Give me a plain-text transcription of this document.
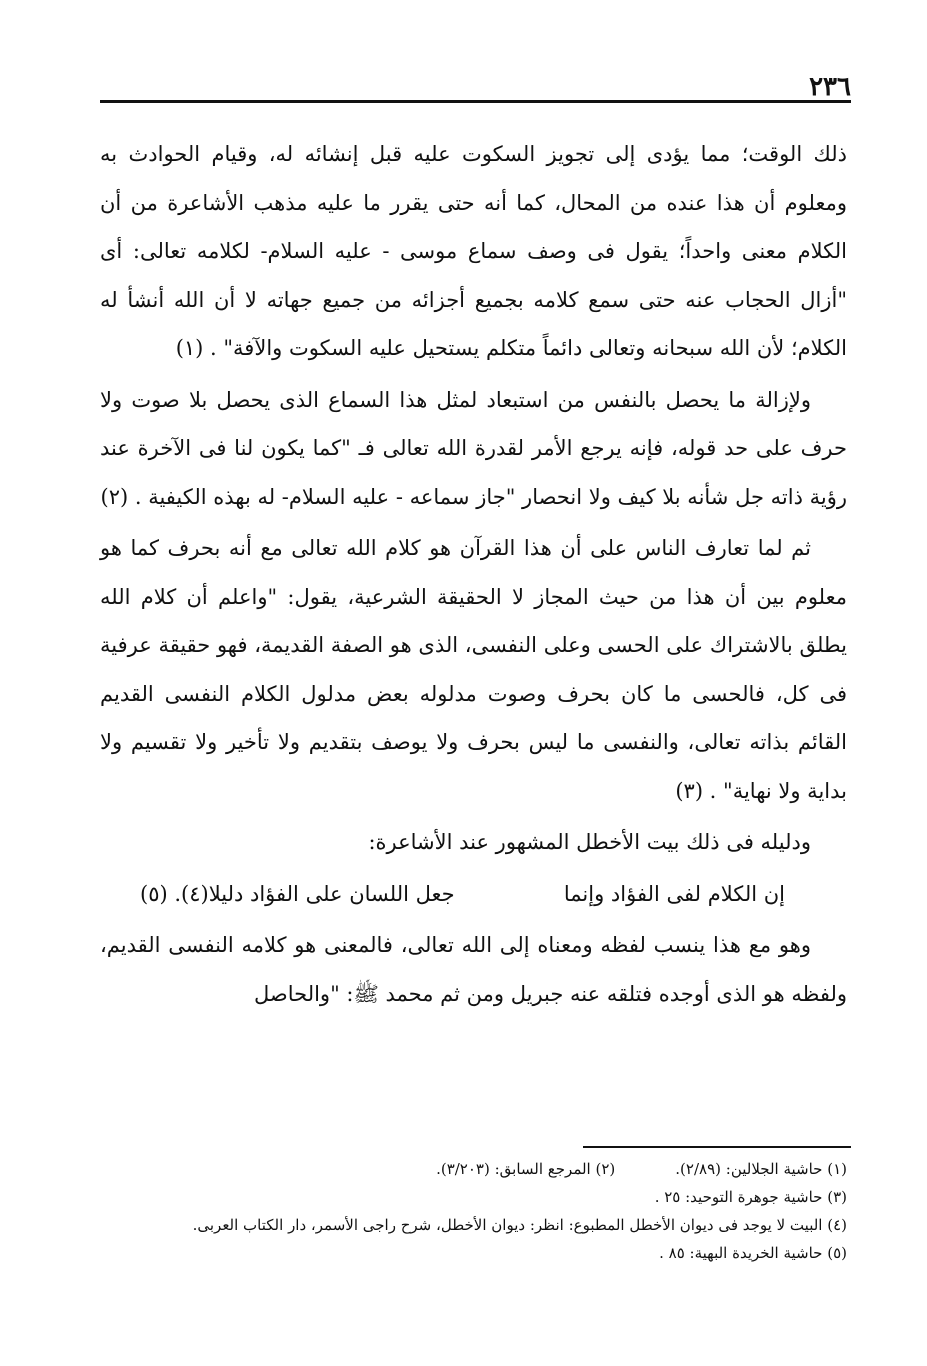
٢٣٦

ذلك الوقت؛ مما يؤدى إلى تجويز السكوت عليه قبل إنشائه له، وقيام الحوادث به ومعلوم أن هذا عنده من المحال، كما أنه حتى يقرر ما عليه مذهب الأشاعرة من أن الكلام معنى واحداً؛ يقول فى وصف سماع موسى - عليه السلام- لكلامه تعالى: أى "أزال الحجاب عنه حتى سمع كلامه بجميع أجزائه من جميع جهاته لا أن الله أنشأ له الكلام؛ لأن الله سبحانه وتعالى دائماً متكلم يستحيل عليه السكوت والآفة" . (١)

ولإزالة ما يحصل بالنفس من استبعاد لمثل هذا السماع الذى يحصل بلا صوت ولا حرف على حد قوله، فإنه يرجع الأمر لقدرة الله تعالى فـ "كما يكون لنا فى الآخرة عند رؤية ذاته جل شأنه بلا كيف ولا انحصار "جاز سماعه - عليه السلام- له بهذه الكيفية . (٢)

ثم لما تعارف الناس على أن هذا القرآن هو كلام الله تعالى مع أنه بحرف كما هو معلوم بين أن هذا من حيث المجاز لا الحقيقة الشرعية، يقول: "واعلم أن كلام الله يطلق بالاشتراك على الحسى وعلى النفسى، الذى هو الصفة القديمة، فهو حقيقة عرفية فى كل، فالحسى ما كان بحرف وصوت مدلوله بعض مدلول الكلام النفسى القديم القائم بذاته تعالى، والنفسى ما ليس بحرف ولا يوصف بتقديم ولا تأخير ولا تقسيم ولا بداية ولا نهاية" . (٣)

ودليله فى ذلك بيت الأخطل المشهور عند الأشاعرة:

إن الكلام لفى الفؤاد وإنما
جعل اللسان على الفؤاد دليلا(٤). (٥)

وهو مع هذا ينسب لفظه ومعناه إلى الله تعالى، فالمعنى هو كلامه النفسى القديم، ولفظه هو الذى أوجده فتلقه عنه جبريل ومن ثم محمد ﷺ: "والحاصل

(١) حاشية الجلالين: (٢/٨٩).
(٢) المرجع السابق: (٣/٢٠٣).
(٣) حاشية جوهرة التوحيد: ٢٥ .
(٤) البيت لا يوجد فى ديوان الأخطل المطبوع: انظر: ديوان الأخطل، شرح راجى الأسمر، دار الكتاب العربى.
(٥) حاشية الخريدة البهية: ٨٥ .
